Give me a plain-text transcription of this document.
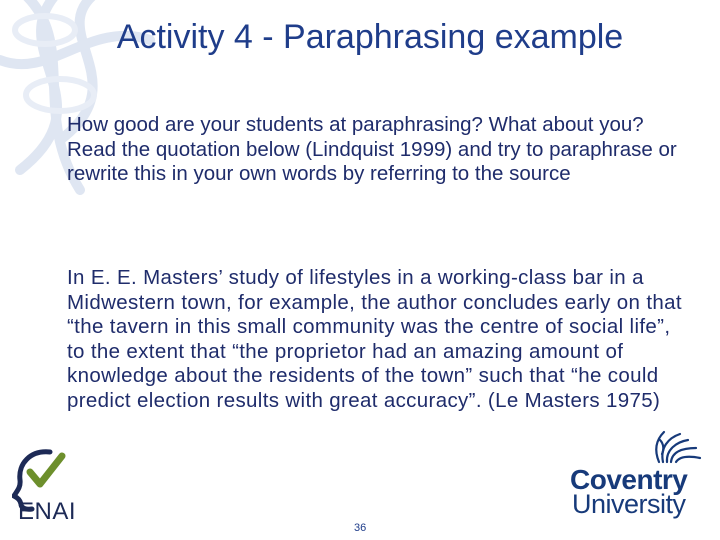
Activity 4 - Paraphrasing example

How good are your students at paraphrasing? What about you? Read the quotation below (Lindquist 1999) and try to paraphrase or rewrite this in your own words by referring to the source

In E. E. Masters’ study of lifestyles in a working-class bar in a Midwestern town, for example, the author concludes early on that “the tavern in this small community was the centre of social life”, to the extent that “the proprietor had an amazing amount of knowledge about the residents of the town” such that “he could predict election results with great accuracy”. (Le Masters 1975)

ENAI
Coventry
University
36
